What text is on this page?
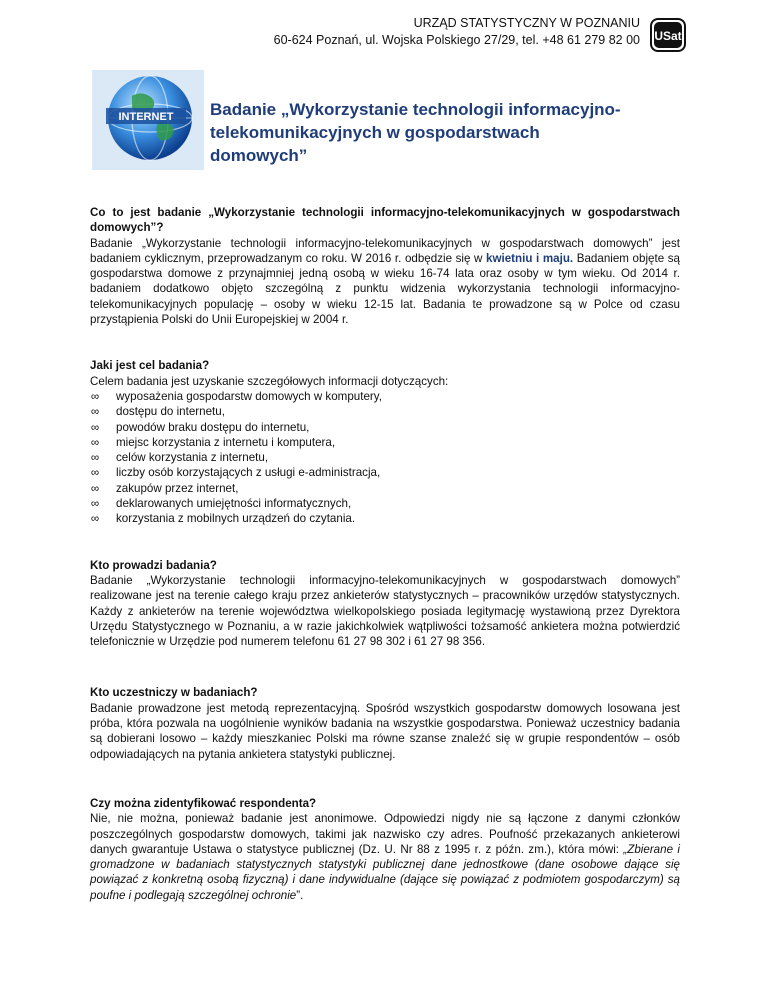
URZĄD STATYSTYCZNY W POZNANIU
60-624 Poznań, ul. Wojska Polskiego 27/29, tel. +48 61 279 82 00 USat
INTERNET Badanie „Wykorzystanie technologii informacyjno-
telekomunikacyjnych w gospodarstwach domowych”
Co to jest badanie „Wykorzystanie technologii informacyjno-telekomunikacyjnych w gospodarstwach domowych”?
Badanie „Wykorzystanie technologii informacyjno-telekomunikacyjnych w gospodarstwach domowych” jest badaniem cyklicznym, przeprowadzanym co roku. W 2016 r. odbędzie się w kwietniu i maju. Badaniem objęte są gospodarstwa domowe z przynajmniej jedną osobą w wieku 16-74 lata oraz osoby w tym wieku. Od 2014 r. badaniem dodatkowo objęto szczególną z punktu widzenia wykorzystania technologii informacyjno-telekomunikacyjnych populację – osoby w wieku 12-15 lat. Badania te prowadzone są w Polce od czasu przystąpienia Polski do Unii Europejskiej w 2004 r.
Jaki jest cel badania?
Celem badania jest uzyskanie szczegółowych informacji dotyczących:
∞ wyposażenia gospodarstw domowych w komputery,
∞ dostępu do internetu,
∞ powodów braku dostępu do internetu,
∞ miejsc korzystania z internetu i komputera,
∞ celów korzystania z internetu,
∞ liczby osób korzystających z usługi e-administracja,
∞ zakupów przez internet,
∞ deklarowanych umiejętności informatycznych,
∞ korzystania z mobilnych urządzeń do czytania.
Kto prowadzi badania?
Badanie „Wykorzystanie technologii informacyjno-telekomunikacyjnych w gospodarstwach domowych” realizowane jest na terenie całego kraju przez ankieterów statystycznych – pracowników urzędów statystycznych. Każdy z ankieterów na terenie województwa wielkopolskiego posiada legitymację wystawioną przez Dyrektora Urzędu Statystycznego w Poznaniu, a w razie jakichkolwiek wątpliwości tożsamość ankietera można potwierdzić telefonicznie w Urzędzie pod numerem telefonu 61 27 98 302 i 61 27 98 356.
Kto uczestniczy w badaniach?
Badanie prowadzone jest metodą reprezentacyjną. Spośród wszystkich gospodarstw domowych losowana jest próba, która pozwala na uogólnienie wyników badania na wszystkie gospodarstwa. Ponieważ uczestnicy badania są dobierani losowo – każdy mieszkaniec Polski ma równe szanse znaleźć się w grupie respondentów – osób odpowiadających na pytania ankietera statystyki publicznej.
Czy można zidentyfikować respondenta?
Nie, nie można, ponieważ badanie jest anonimowe. Odpowiedzi nigdy nie są łączone z danymi członków poszczególnych gospodarstw domowych, takimi jak nazwisko czy adres. Poufność przekazanych ankieterowi danych gwarantuje Ustawa o statystyce publicznej (Dz. U. Nr 88 z 1995 r. z późn. zm.), która mówi: „Zbierane i gromadzone w badaniach statystycznych statystyki publicznej dane jednostkowe (dane osobowe dające się powiązać z konkretną osobą fizyczną) i dane indywidualne (dające się powiązać z podmiotem gospodarczym) są poufne i podlegają szczególnej ochronie”.
